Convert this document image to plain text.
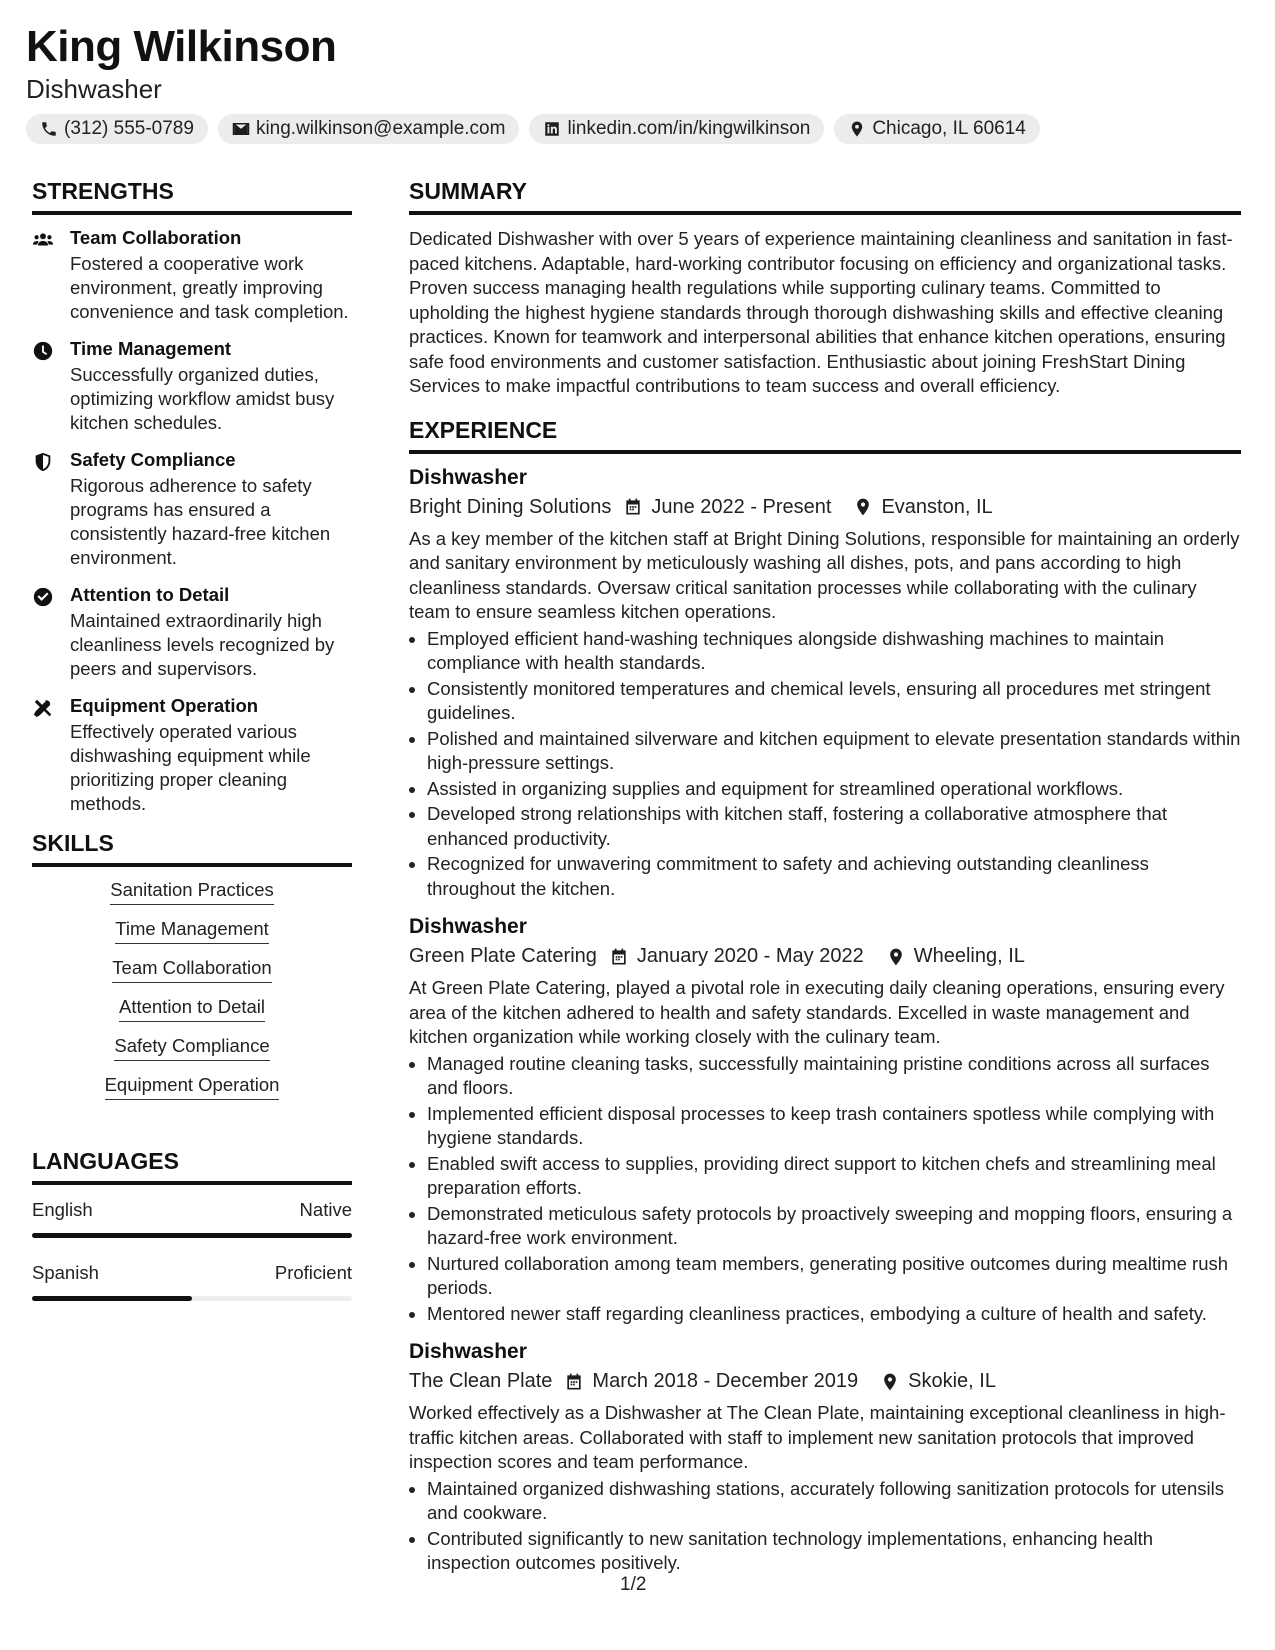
King Wilkinson
Dishwasher
(312) 555-0789	king.wilkinson@example.com	linkedin.com/in/kingwilkinson	Chicago, IL 60614
STRENGTHS
Team Collaboration
Fostered a cooperative work environment, greatly improving convenience and task completion.
Time Management
Successfully organized duties, optimizing workflow amidst busy kitchen schedules.
Safety Compliance
Rigorous adherence to safety programs has ensured a consistently hazard-free kitchen environment.
Attention to Detail
Maintained extraordinarily high cleanliness levels recognized by peers and supervisors.
Equipment Operation
Effectively operated various dishwashing equipment while prioritizing proper cleaning methods.
SKILLS
Sanitation Practices
Time Management
Team Collaboration
Attention to Detail
Safety Compliance
Equipment Operation
LANGUAGES
English	Native
Spanish	Proficient
SUMMARY
Dedicated Dishwasher with over 5 years of experience maintaining cleanliness and sanitation in fast-paced kitchens. Adaptable, hard-working contributor focusing on efficiency and organizational tasks. Proven success managing health regulations while supporting culinary teams. Committed to upholding the highest hygiene standards through thorough dishwashing skills and effective cleaning practices. Known for teamwork and interpersonal abilities that enhance kitchen operations, ensuring safe food environments and customer satisfaction. Enthusiastic about joining FreshStart Dining Services to make impactful contributions to team success and overall efficiency.
EXPERIENCE
Dishwasher
Bright Dining Solutions June 2022 - Present	Evanston, IL
As a key member of the kitchen staff at Bright Dining Solutions, responsible for maintaining an orderly and sanitary environment by meticulously washing all dishes, pots, and pans according to high cleanliness standards. Oversaw critical sanitation processes while collaborating with the culinary team to ensure seamless kitchen operations.
• Employed efficient hand-washing techniques alongside dishwashing machines to maintain compliance with health standards.
• Consistently monitored temperatures and chemical levels, ensuring all procedures met stringent guidelines.
• Polished and maintained silverware and kitchen equipment to elevate presentation standards within high-pressure settings.
• Assisted in organizing supplies and equipment for streamlined operational workflows.
• Developed strong relationships with kitchen staff, fostering a collaborative atmosphere that enhanced productivity.
• Recognized for unwavering commitment to safety and achieving outstanding cleanliness throughout the kitchen.
Dishwasher
Green Plate Catering January 2020 - May 2022	Wheeling, IL
At Green Plate Catering, played a pivotal role in executing daily cleaning operations, ensuring every area of the kitchen adhered to health and safety standards. Excelled in waste management and kitchen organization while working closely with the culinary team.
• Managed routine cleaning tasks, successfully maintaining pristine conditions across all surfaces and floors.
• Implemented efficient disposal processes to keep trash containers spotless while complying with hygiene standards.
• Enabled swift access to supplies, providing direct support to kitchen chefs and streamlining meal preparation efforts.
• Demonstrated meticulous safety protocols by proactively sweeping and mopping floors, ensuring a hazard-free work environment.
• Nurtured collaboration among team members, generating positive outcomes during mealtime rush periods.
• Mentored newer staff regarding cleanliness practices, embodying a culture of health and safety.
Dishwasher
The Clean Plate March 2018 - December 2019	Skokie, IL
Worked effectively as a Dishwasher at The Clean Plate, maintaining exceptional cleanliness in high-traffic kitchen areas. Collaborated with staff to implement new sanitation protocols that improved inspection scores and team performance.
• Maintained organized dishwashing stations, accurately following sanitization protocols for utensils and cookware.
• Contributed significantly to new sanitation technology implementations, enhancing health inspection outcomes positively.
1/2
